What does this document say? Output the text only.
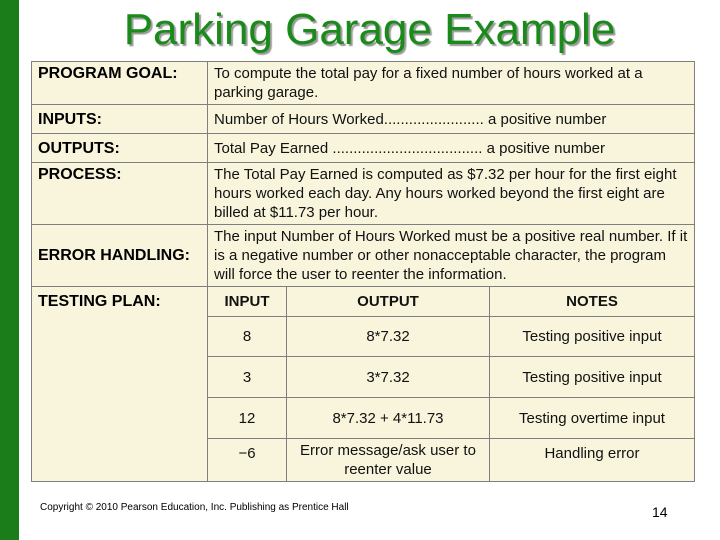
Parking Garage Example
PROGRAM GOAL:	To compute the total pay for a fixed number of hours worked at a parking garage.		
INPUTS:	Number of Hours Worked........................ a positive number		
OUTPUTS:	Total Pay Earned .................................... a positive number		
PROCESS:	The Total Pay Earned is computed as $7.32 per hour for the first eight hours worked each day. Any hours worked beyond the first eight are billed at $11.73 per hour.		
ERROR HANDLING:	The input Number of Hours Worked must be a positive real number. If it is a negative number or other nonacceptable character, the program will force the user to reenter the information.		
TESTING PLAN:	INPUT	OUTPUT	NOTES
	8	8*7.32	Testing positive input
	3	3*7.32	Testing positive input
	12	8*7.32 + 4*11.73	Testing overtime input
	−6	Error message/ask user to reenter value	Handling error
Copyright © 2010 Pearson Education, Inc. Publishing as Prentice Hall	14
